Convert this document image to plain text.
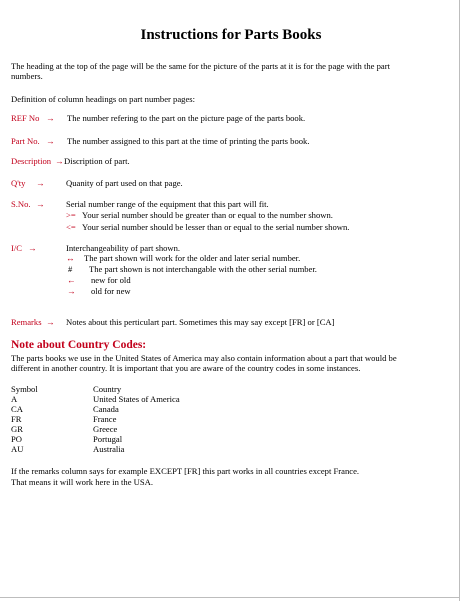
Instructions for Parts Books
The heading at the top of the page will be the same for the picture of the parts at it is for the page with the part
numbers.
Definition of column headings on part number pages:
REF No → The number refering to the part on the picture page of the parts book.
Part No. → The number assigned to this part at the time of printing the parts book.
Description → Discription of part.
Q'ty → Quanity of part used on that page.
S.No. → Serial number range of the equipment that this part will fit.
>= Your serial number should be greater than or equal to the number shown.
<= Your serial number should be lesser than or equal to the serial number shown.
I/C →	Interchangeability of part shown.
↔ The part shown will work for the older and later serial number.
# The part shown is not interchangable with the other serial number.
← new for old
→ old for new
Remarks → Notes about this perticulart part. Sometimes this may say except [FR] or [CA]
Note about Country Codes:
The parts books we use in the United States of America may also contain information about a part that would be
different in another country. It is important that you are aware of the country codes in some instances.
Symbol	Country
A	United States of America
CA	Canada
FR	France
GR	Greece
PO	Portugal
AU	Australia
If the remarks column says for example EXCEPT [FR] this part works in all countries except France.
That means it will work here in the USA.
